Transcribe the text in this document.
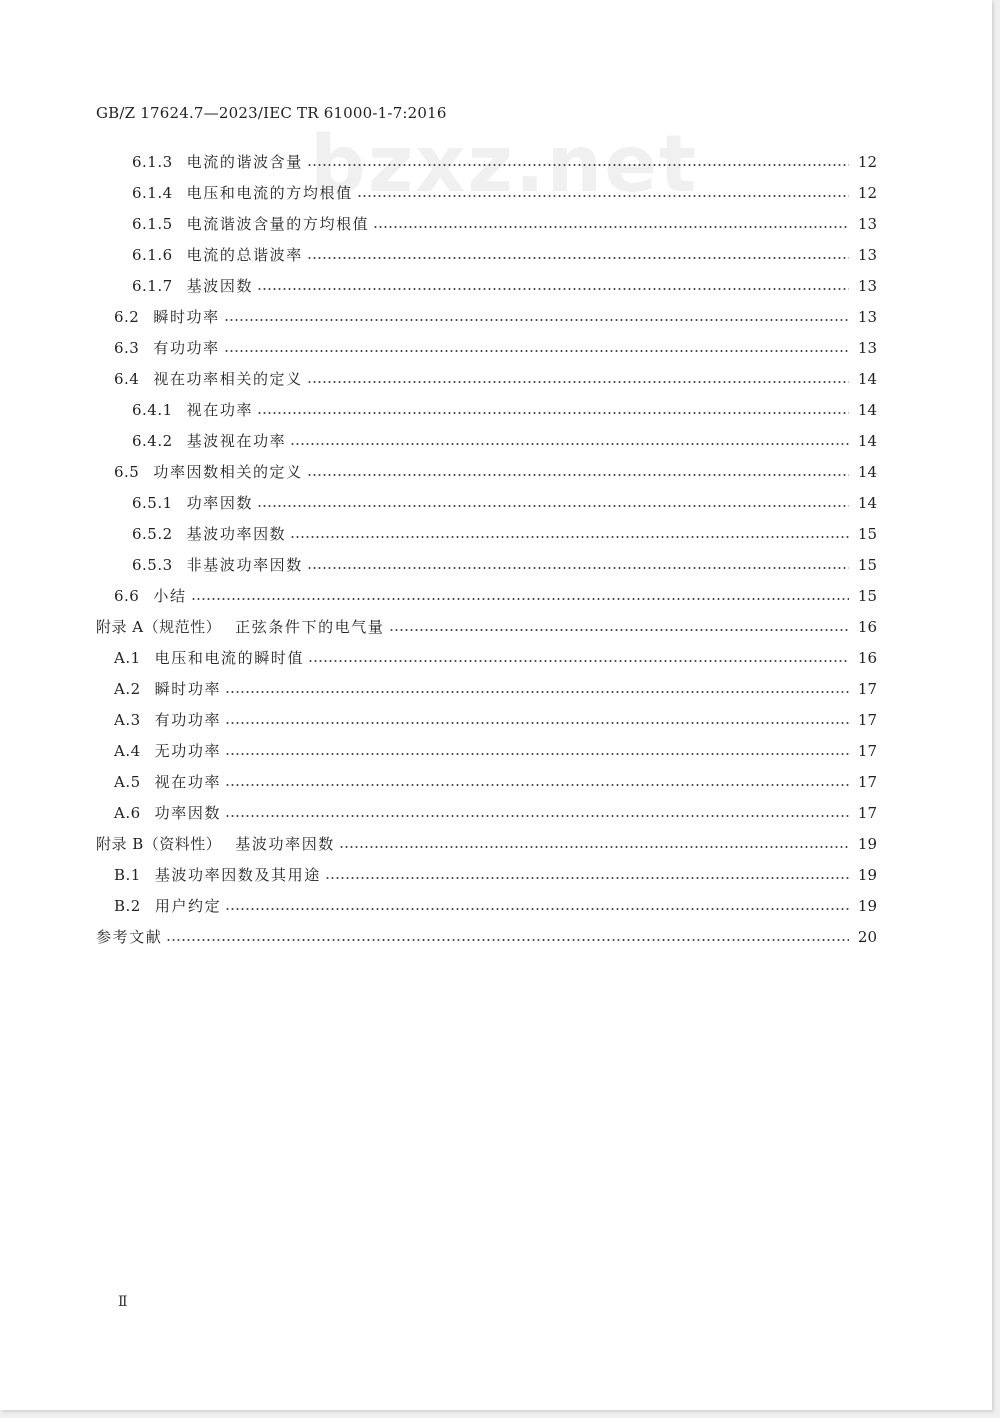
GB/Z 17624.7—2023/IEC TR 61000-1-7:2016
bzxz.net
6.1.3 电流的谐波含量	12
6.1.4 电压和电流的方均根值	12
6.1.5 电流谐波含量的方均根值	13
6.1.6 电流的总谐波率	13
6.1.7 基波因数	13
6.2 瞬时功率	13
6.3 有功功率	13
6.4 视在功率相关的定义	14
6.4.1 视在功率	14
6.4.2 基波视在功率	14
6.5 功率因数相关的定义	14
6.5.1 功率因数	14
6.5.2 基波功率因数	15
6.5.3 非基波功率因数	15
6.6 小结	15
附录 A（规范性） 正弦条件下的电气量	16
A.1 电压和电流的瞬时值	16
A.2 瞬时功率	17
A.3 有功功率	17
A.4 无功功率	17
A.5 视在功率	17
A.6 功率因数	17
附录 B（资料性） 基波功率因数	19
B.1 基波功率因数及其用途	19
B.2 用户约定	19
参考文献	20
Ⅱ
